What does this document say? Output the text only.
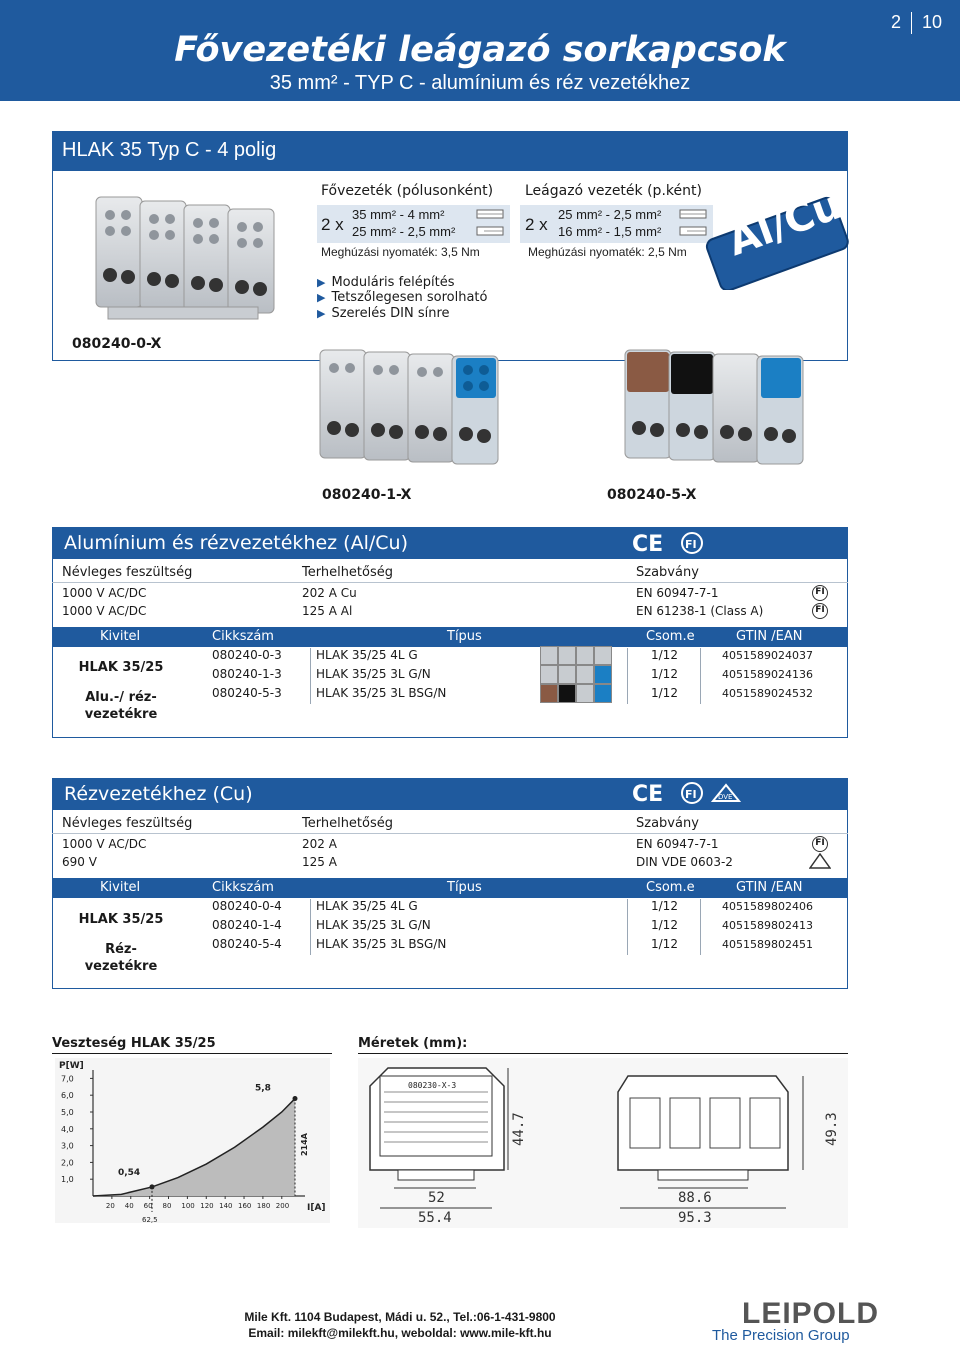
Fővezetéki leágazó sorkapcsok
35 mm² - TYP C - alumínium és réz vezetékhez
2 10
HLAK 35 Typ C - 4 polig
080240-0-X
Fővezeték (pólusonként)
2 x
35 mm² - 4 mm²
25 mm² - 2,5 mm²
Meghúzási nyomaték: 3,5 Nm
Leágazó vezeték (p.ként)
2 x
25 mm² - 2,5 mm²
16 mm² - 1,5 mm²
Meghúzási nyomaték: 2,5 Nm
▶ Moduláris felépítés
▶ Tetszőlegesen sorolható
▶ Szerelés DIN sínre
Al/Cu
080240-1-X	080240-5-X
Alumínium és rézvezetékhez (Al/Cu)	CE FI
Névleges feszültség	Terhelhetőség	Szabvány
1000 V AC/DC	202 A Cu	EN 60947-7-1	FI
1000 V AC/DC	125 A Al	EN 61238-1 (Class A)	FI
Kivitel	Cikkszám	Típus	Csom.e	GTIN /EAN
HLAK 35/25
Alu.-/ réz-
vezetékre
080240-0-3	HLAK 35/25 4L G	1/12	4051589024037
080240-1-3	HLAK 35/25 3L G/N	1/12	4051589024136
080240-5-3	HLAK 35/25 3L BSG/N	1/12	4051589024532
Rézvezetékhez (Cu)	CE FI	DVE
Névleges feszültség	Terhelhetőség	Szabvány
1000 V AC/DC	202 A	EN 60947-7-1	FI
690 V	125 A	DIN VDE 0603-2
Kivitel	Cikkszám	Típus	Csom.e	GTIN /EAN
HLAK 35/25
Réz-
vezetékre
080240-0-4	HLAK 35/25 4L G	1/12	4051589802406
080240-1-4	HLAK 35/25 3L G/N	1/12	4051589802413
080240-5-4	HLAK 35/25 3L BSG/N	1/12	4051589802451
Veszteség HLAK 35/25
1,0
2,0
3,0
4,0
5,0
6,0
7,0
20 40 60 80 100 120 140 160 180 200
P[W]
I[A]
5,8
0,54
62,5
214A
Méretek (mm):
080230-X-3
44.7
52
55.4
88.6
95.3
49.3
Mile Kft. 1104 Budapest, Mádi u. 52., Tel.:06-1-431-9800
Email: milekft@milekft.hu, weboldal: www.mile-kft.hu
LEIPOLD
The Precision Group
